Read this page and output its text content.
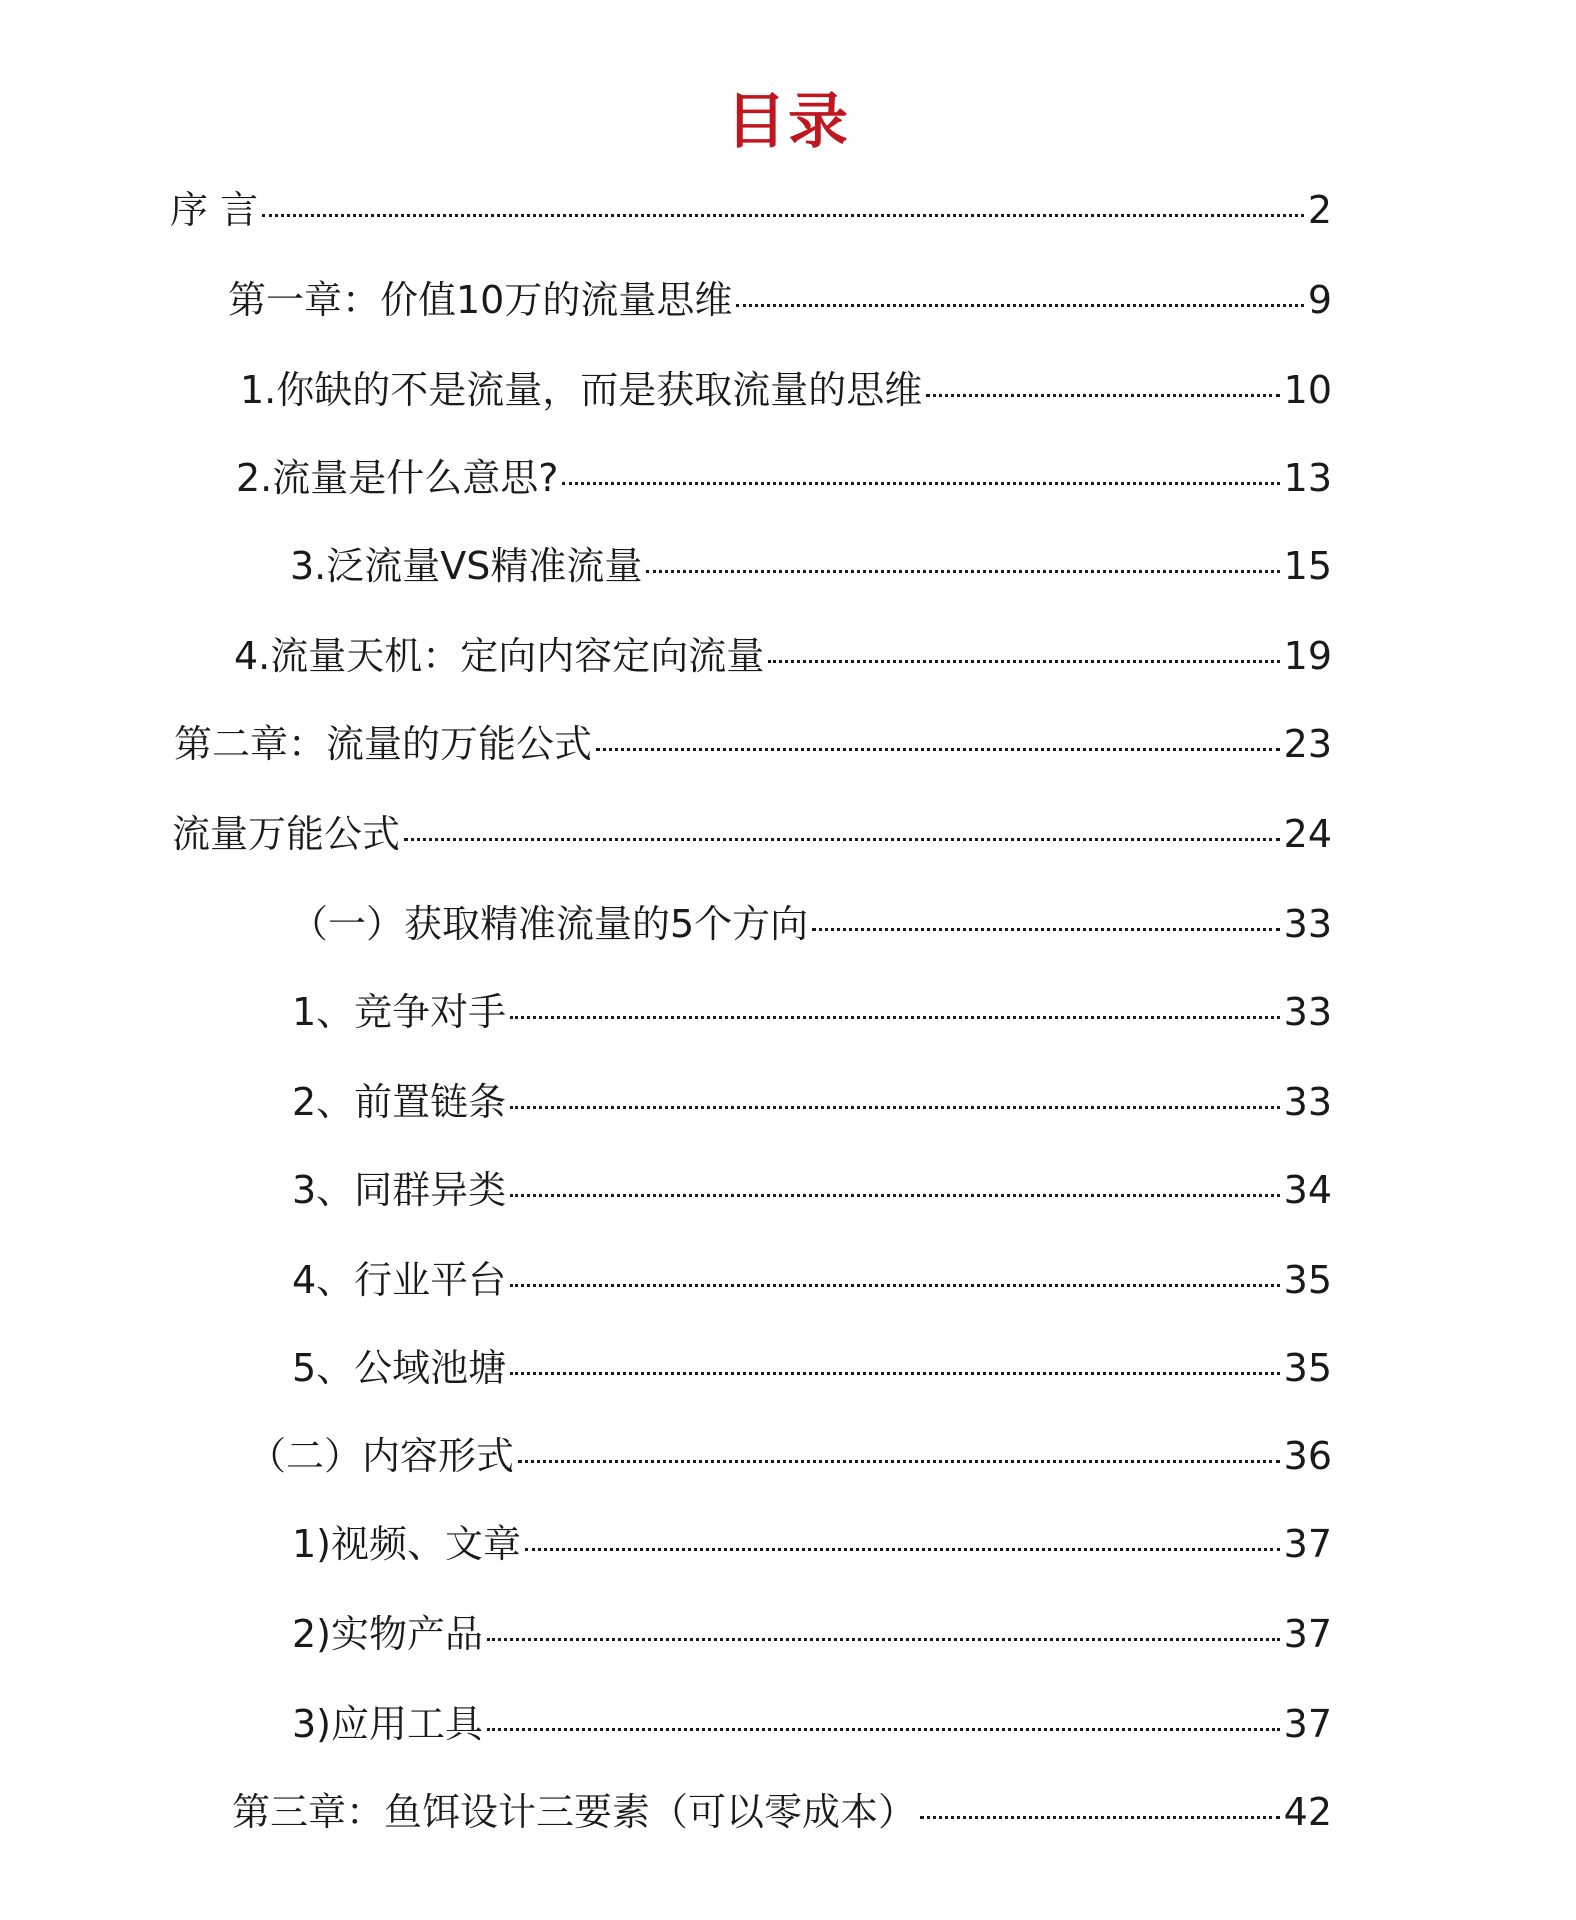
目录
序 言	2
第一章：价值10万的流量思维	9
1.你缺的不是流量，而是获取流量的思维	10
2.流量是什么意思?	13
3.泛流量VS精准流量	15
4.流量天机：定向内容定向流量	19
第二章：流量的万能公式	23
流量万能公式	24
（一）获取精准流量的5个方向	33
1、竞争对手	33
2、前置链条	33
3、同群异类	34
4、行业平台	35
5、公域池塘	35
（二）内容形式	36
1)视频、文章	37
2)实物产品	37
3)应用工具	37
第三章：鱼饵设计三要素（可以零成本）	42
